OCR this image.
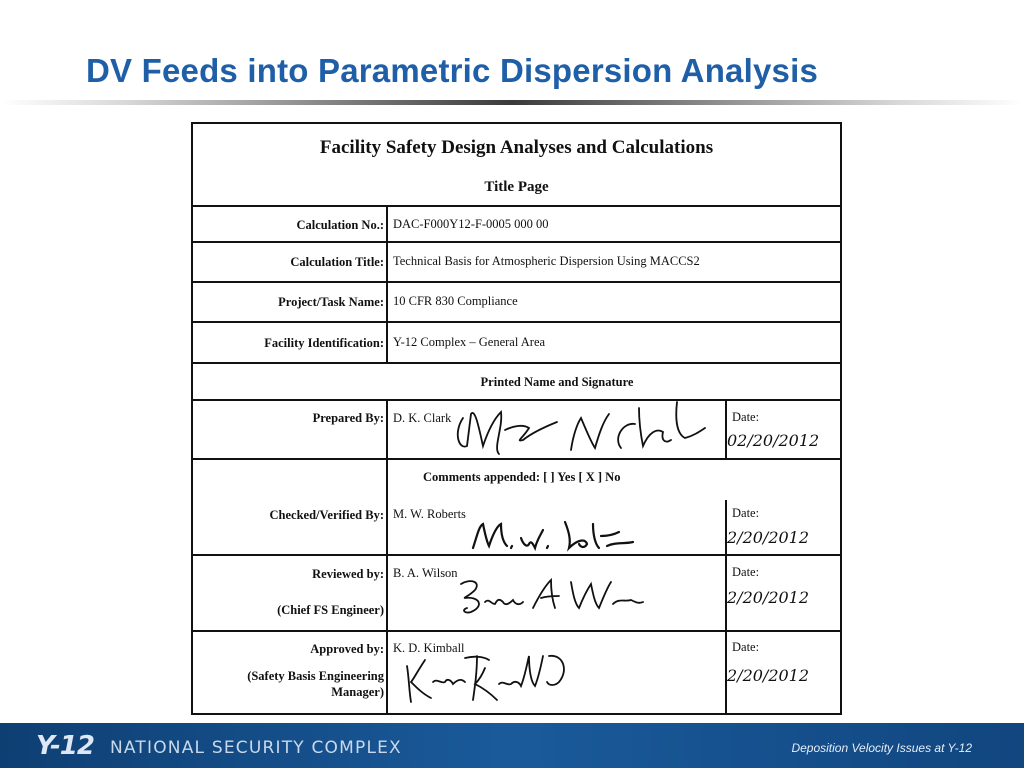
DV Feeds into Parametric Dispersion Analysis
Facility Safety Design Analyses and Calculations
Title Page
Calculation No.: DAC-F000Y12-F-0005 000 00
Calculation Title: Technical Basis for Atmospheric Dispersion Using MACCS2
Project/Task Name: 10 CFR 830 Compliance
Facility Identification: Y-12 Complex – General Area
Printed Name and Signature
Prepared By: D. K. Clark	Date:
02/20/2012
Comments appended: [ ] Yes [ X ] No
Checked/Verified By: M. W. Roberts	Date:
2/20/2012
Reviewed by:
(Chief FS Engineer)
B. A. Wilson	Date:
2/20/2012
Approved by:
(Safety Basis Engineering Manager)
K. D. Kimball	Date:
2/20/2012
Y-12 NATIONAL SECURITY COMPLEX	Deposition Velocity Issues at Y-12
